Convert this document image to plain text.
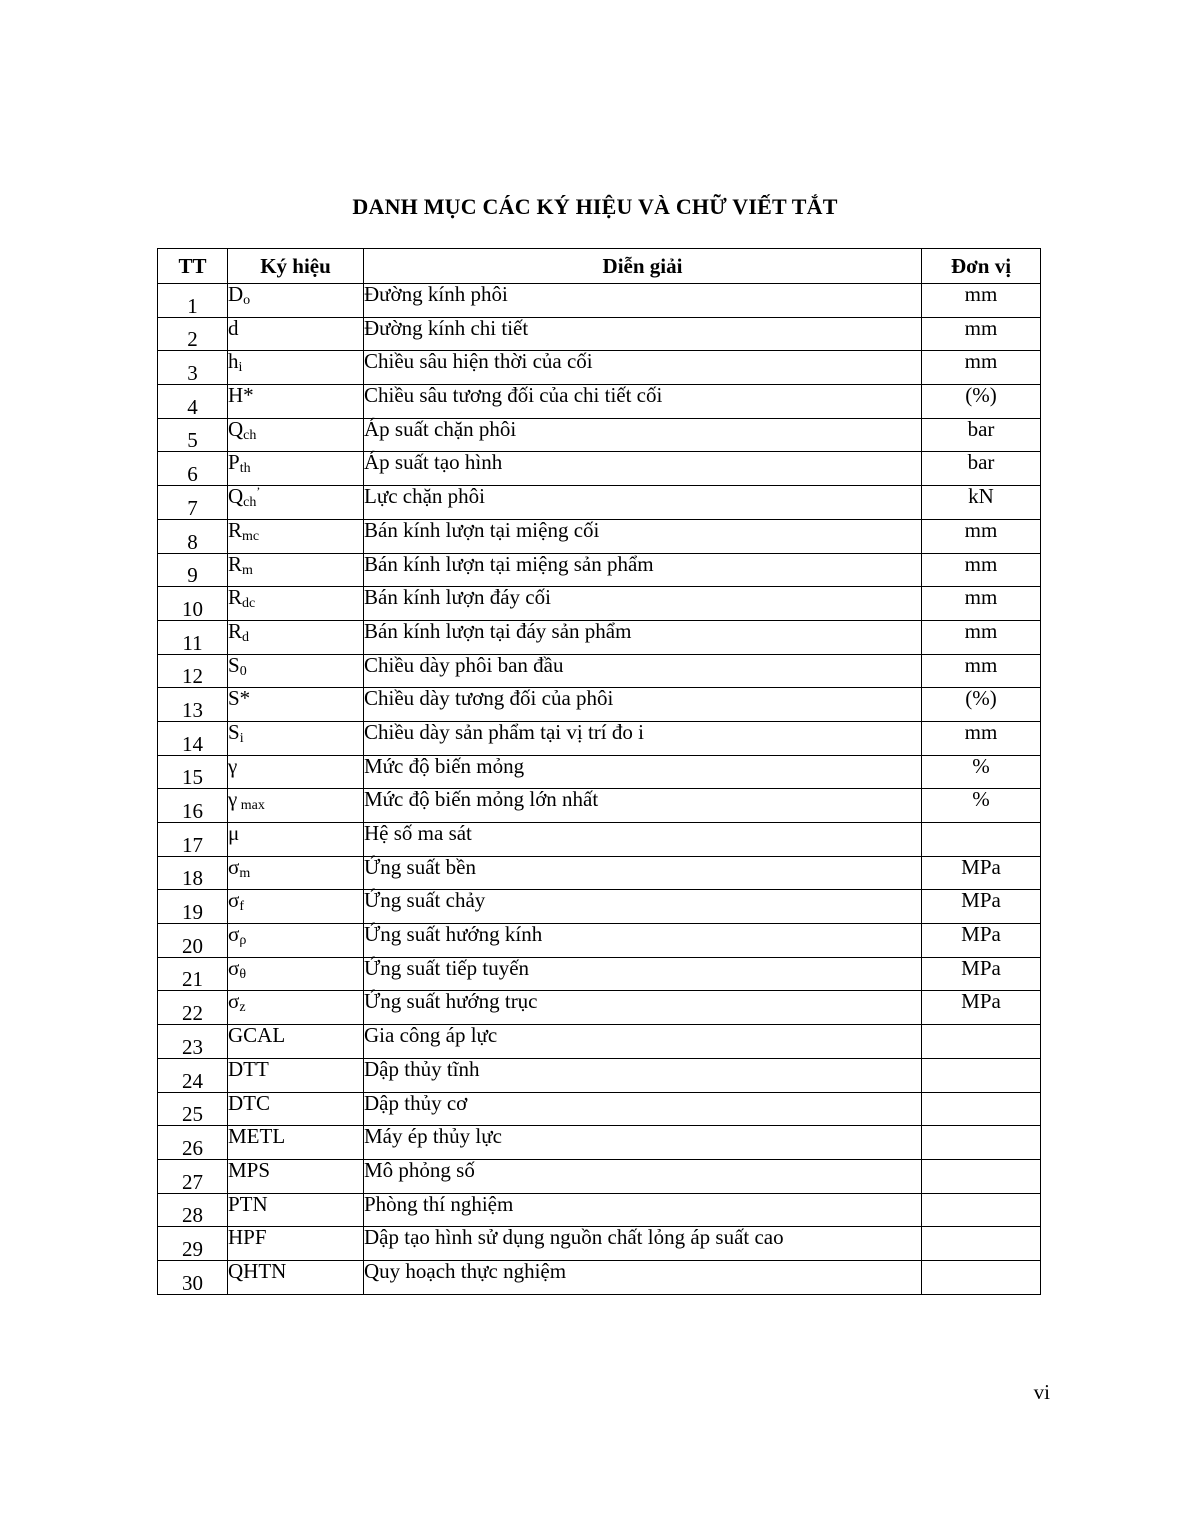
DANH MỤC CÁC KÝ HIỆU VÀ CHỮ VIẾT TẮT
TT	Ký hiệu	Diễn giải	Đơn vị
1	$D_o$	Đường kính phôi	mm
2	d	Đường kính chi tiết	mm
3	$h_i$	Chiều sâu hiện thời của cối	mm
4	H*	Chiều sâu tương đối của chi tiết cối	(%)
5	$Q_{ch}$	Áp suất chặn phôi	bar
6	$P_{th}$	Áp suất tạo hình	bar
7	$Q_{ch}^’$	Lực chặn phôi	kN
8	$R_{mc}$	Bán kính lượn tại miệng cối	mm
9	$R_m$	Bán kính lượn tại miệng sản phẩm	mm
10	$R_{dc}$	Bán kính lượn đáy cối	mm
11	$R_d$	Bán kính lượn tại đáy sản phẩm	mm
12	$S_0$	Chiều dày phôi ban đầu	mm
13	S*	Chiều dày tương đối của phôi	(%)
14	$S_i$	Chiều dày sản phẩm tại vị trí đo i	mm
15	γ	Mức độ biến mỏng	%
16	γ $_{max}$	Mức độ biến mỏng lớn nhất	%
17	μ	Hệ số ma sát	
18	$\sigma_m$	Ứng suất bền	MPa
19	$\sigma_f$	Ứng suất chảy	MPa
20	$\sigma_\rho$	Ứng suất hướng kính	MPa
21	$\sigma_\theta$	Ứng suất tiếp tuyến	MPa
22	$\sigma_z$	Ứng suất hướng trục	MPa
23	GCAL	Gia công áp lực	
24	DTT	Dập thủy tĩnh	
25	DTC	Dập thủy cơ	
26	METL	Máy ép thủy lực	
27	MPS	Mô phỏng số	
28	PTN	Phòng thí nghiệm	
29	HPF	Dập tạo hình sử dụng nguồn chất lỏng áp suất cao	
30	QHTN	Quy hoạch thực nghiệm	
vi
